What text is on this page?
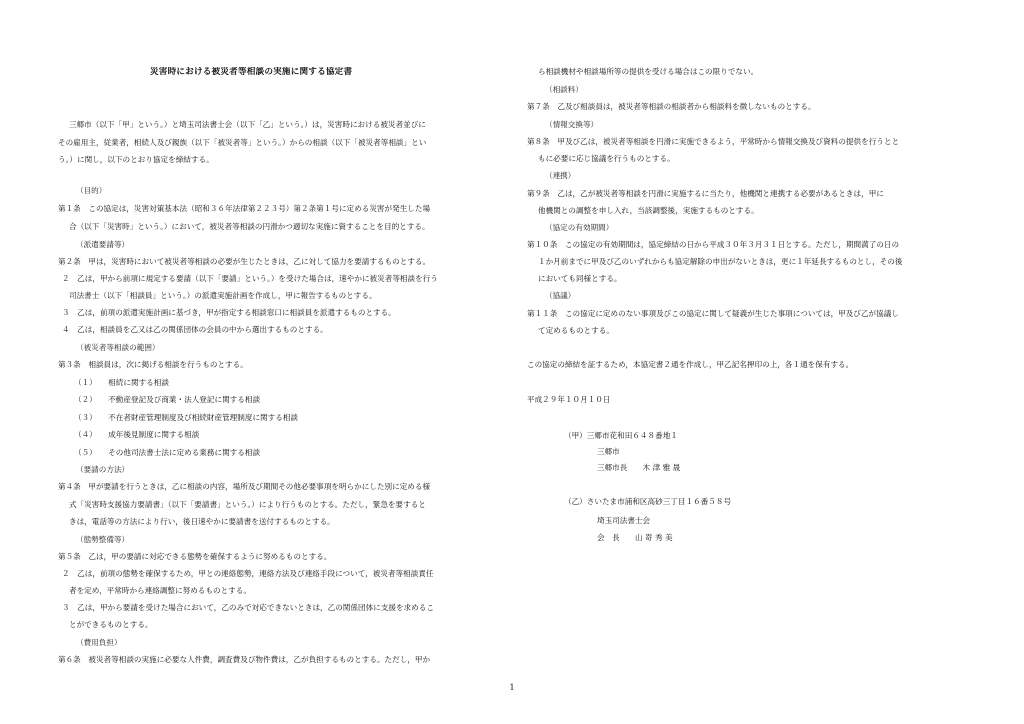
災害時における被災者等相談の実施に関する協定書
三郷市（以下「甲」という。）と埼玉司法書士会（以下「乙」という。）は，災害時における被災者並びに
その雇用主，従業者，相続人及び親族（以下「被災者等」という。）からの相談（以下「被災者等相談」とい
う。）に関し，以下のとおり協定を締結する。
（目的）
第１条　この協定は，災害対策基本法（昭和３６年法律第２２３号）第２条第１号に定める災害が発生した場
合（以下「災害時」という。）において，被災者等相談の円滑かつ適切な実施に資することを目的とする。
（派遣要請等）
第２条　甲は，災害時において被災者等相談の必要が生じたときは，乙に対して協力を要請するものとする。
２　乙は，甲から前項に規定する要請（以下「要請」という。）を受けた場合は，速やかに被災者等相談を行う
司法書士（以下「相談員」という。）の派遣実施計画を作成し，甲に報告するものとする。
３　乙は，前項の派遣実施計画に基づき，甲が指定する相談窓口に相談員を派遣するものとする。
４　乙は，相談員を乙又は乙の関係団体の会員の中から選出するものとする。
（被災者等相談の範囲）
第３条　相談員は，次に掲げる相談を行うものとする。
（１）　　相続に関する相談
（２）　　不動産登記及び商業・法人登記に関する相談
（３）　　不在者財産管理制度及び相続財産管理制度に関する相談
（４）　　成年後見制度に関する相談
（５）　　その他司法書士法に定める業務に関する相談
（要請の方法）
第４条　甲が要請を行うときは，乙に相談の内容，場所及び期間その他必要事項を明らかにした別に定める様
式「災害時支援協力要請書」（以下「要請書」という。）により行うものとする。ただし，緊急を要すると
きは，電話等の方法により行い，後日速やかに要請書を送付するものとする。
（態勢整備等）
第５条　乙は，甲の要請に対応できる態勢を確保するように努めるものとする。
２　乙は，前項の態勢を確保するため，甲との連絡態勢，連絡方法及び連絡手段について，被災者等相談責任
者を定め，平常時から連絡調整に努めるものとする。
３　乙は，甲から要請を受けた場合において，乙のみで対応できないときは，乙の関係団体に支援を求めるこ
とができるものとする。
（費用負担）
第６条　被災者等相談の実施に必要な人件費，調査費及び物件費は，乙が負担するものとする。ただし，甲か
ら相談機材や相談場所等の提供を受ける場合はこの限りでない。
（相談料）
第７条　乙及び相談員は，被災者等相談の相談者から相談料を徴しないものとする。
（情報交換等）
第８条　甲及び乙は，被災者等相談を円滑に実施できるよう，平常時から情報交換及び資料の提供を行うとと
もに必要に応じ協議を行うものとする。
（連携）
第９条　乙は，乙が被災者等相談を円滑に実施するに当たり，他機関と連携する必要があるときは，甲に
他機関との調整を申し入れ，当該調整後，実施するものとする。
（協定の有効期間）
第１０条　この協定の有効期間は，協定締結の日から平成３０年３月３１日とする。ただし，期間満了の日の
１か月前までに甲及び乙のいずれからも協定解除の申出がないときは，更に１年延長するものとし，その後
においても同様とする。
（協議）
第１１条　この協定に定めのない事項及びこの協定に関して疑義が生じた事項については，甲及び乙が協議し
て定めるものとする。
この協定の締結を証するため，本協定書２通を作成し，甲乙記名押印の上，各１通を保有する。
平成２９年１０月１０日
（甲）三郷市花和田６４８番地１
三郷市
三郷市長　　木 津 雅 晟
（乙）さいたま市浦和区高砂三丁目１６番５８号
埼玉司法書士会
会　長　　山 嵜 秀 美
1
